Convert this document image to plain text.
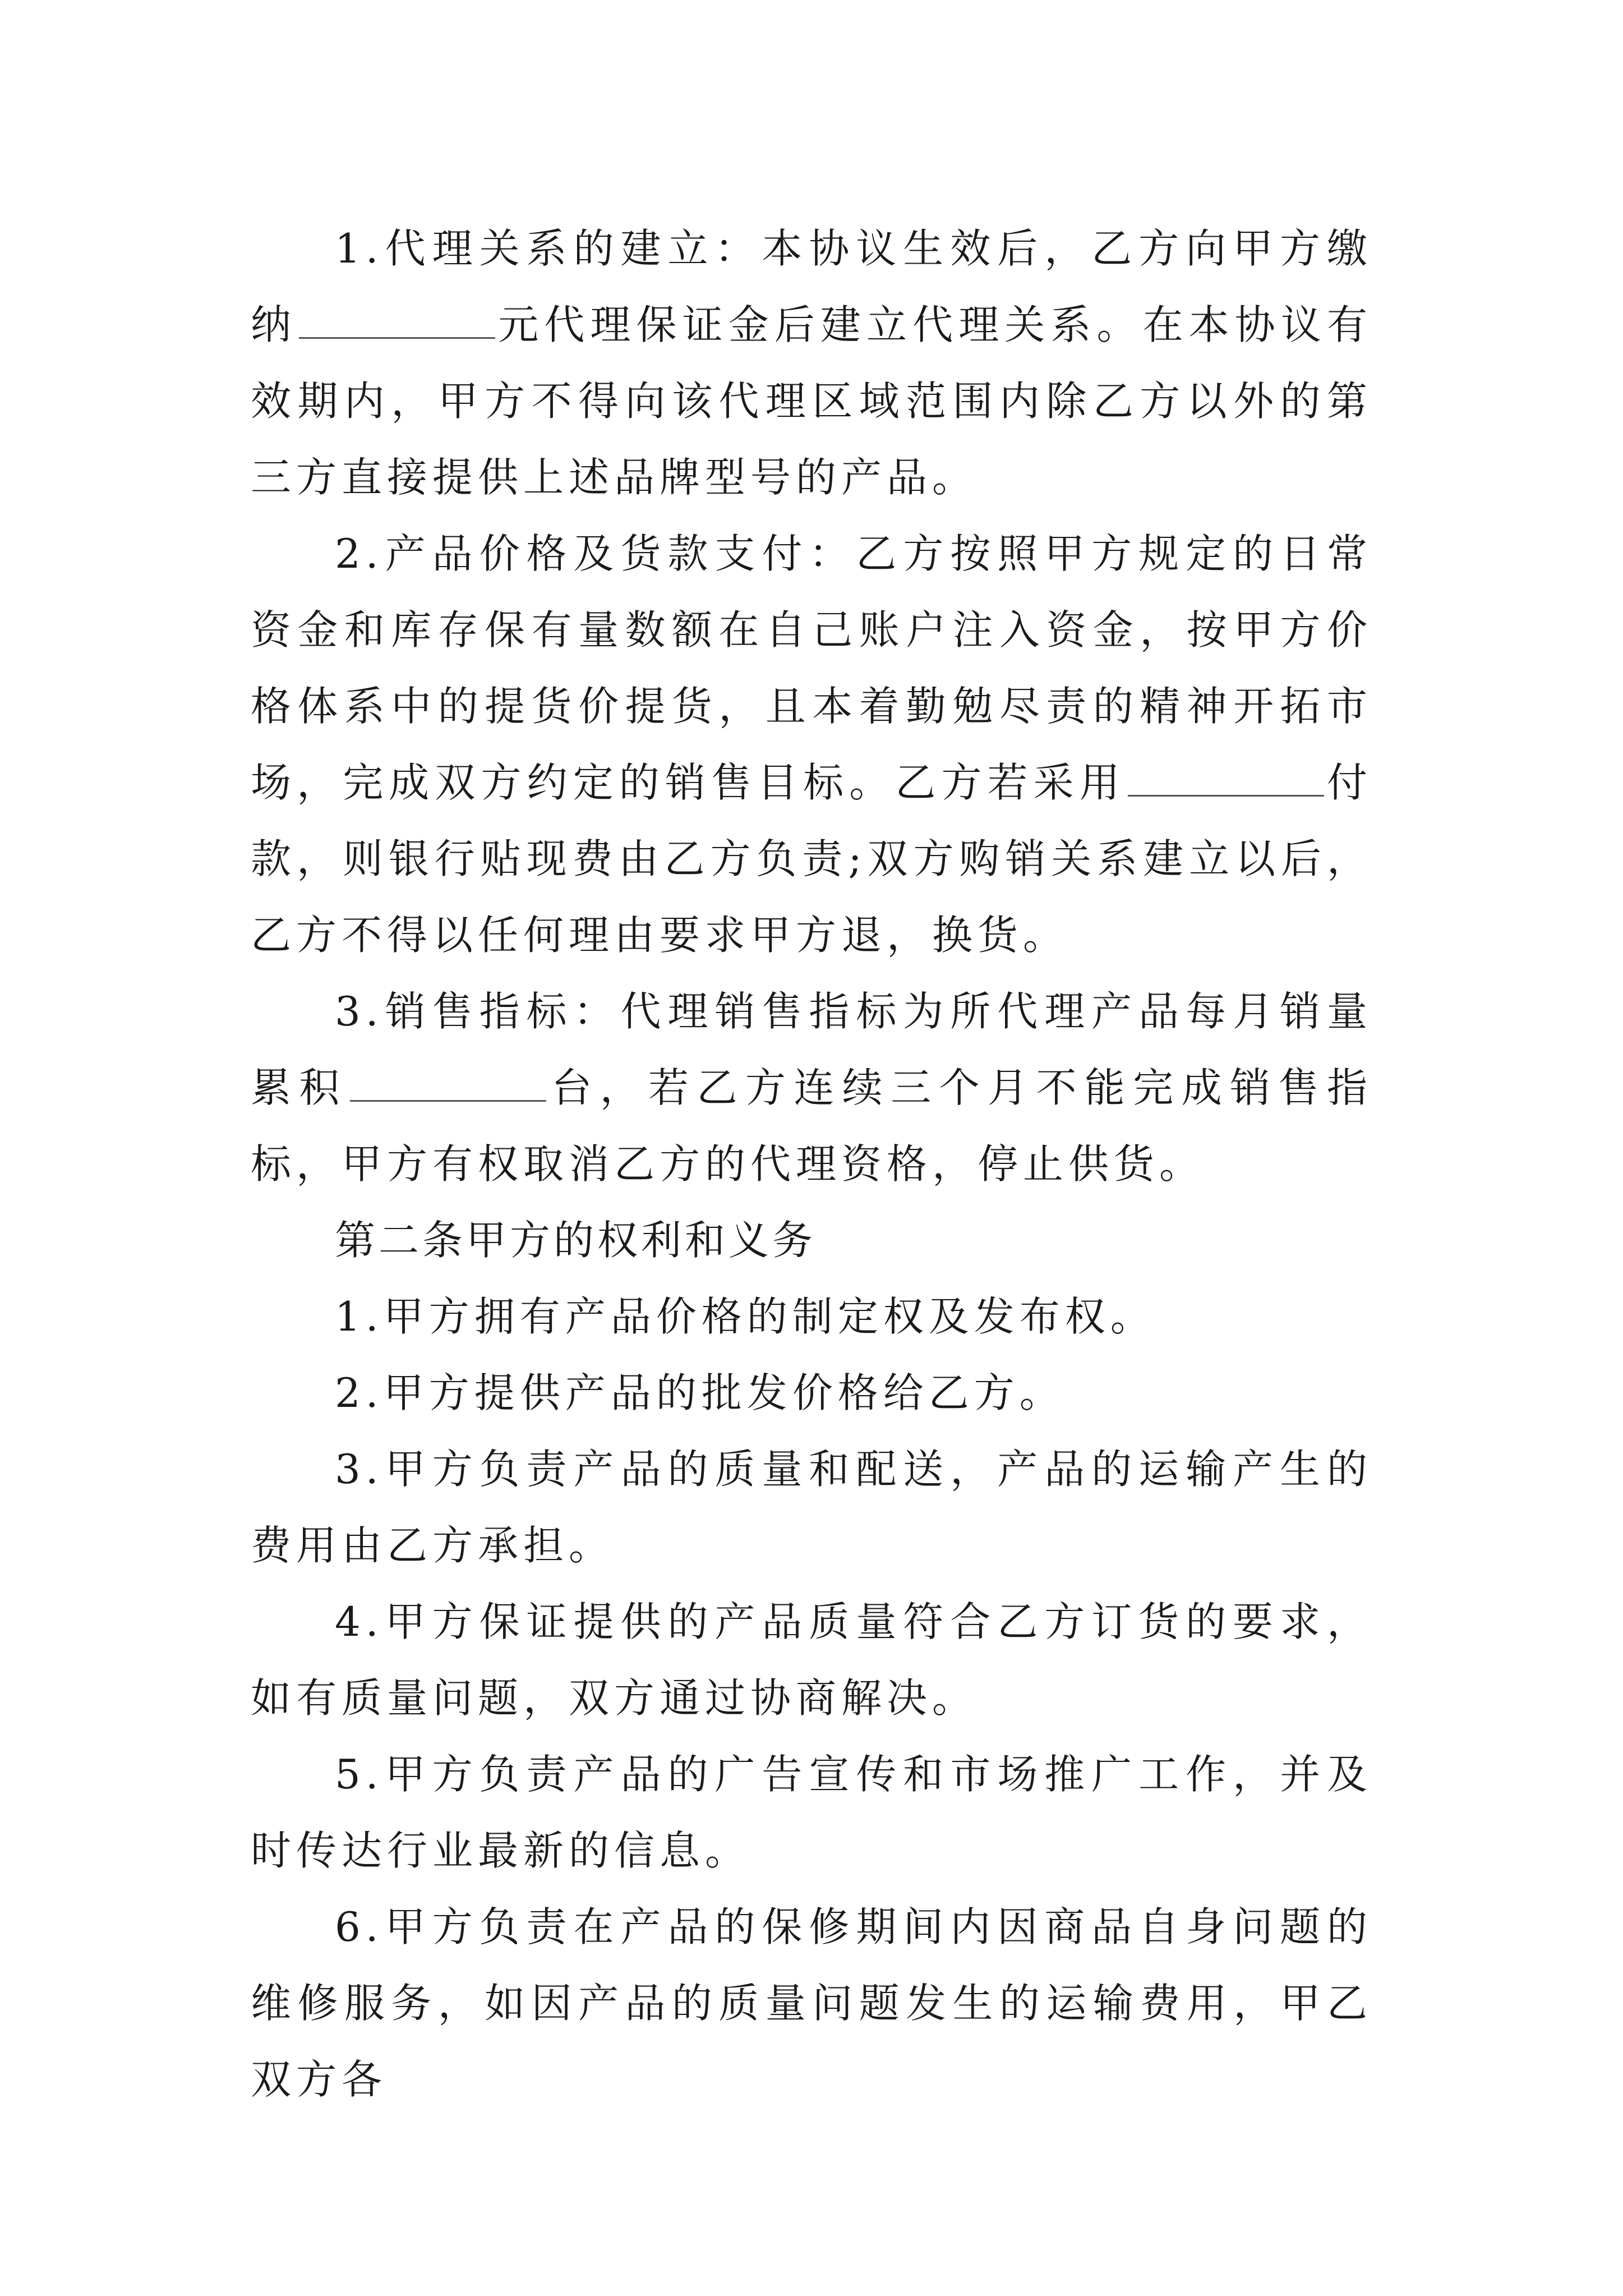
1.代理关系的建立：本协议生效后，乙方向甲方缴纳	元代理保证金后建立代理关系。在本协议有效期内，甲方不得向该代理区域范围内除乙方以外的第三方直接提供上述品牌型号的产品。

2.产品价格及货款支付：乙方按照甲方规定的日常资金和库存保有量数额在自己账户注入资金，按甲方价格体系中的提货价提货，且本着勤勉尽责的精神开拓市场，完成双方约定的销售目标。乙方若采用	付款，则银行贴现费由乙方负责;双方购销关系建立以后，乙方不得以任何理由要求甲方退，换货。

3.销售指标：代理销售指标为所代理产品每月销量累积	台，若乙方连续三个月不能完成销售指标，甲方有权取消乙方的代理资格，停止供货。

第二条甲方的权利和义务

1.甲方拥有产品价格的制定权及发布权。

2.甲方提供产品的批发价格给乙方。

3.甲方负责产品的质量和配送，产品的运输产生的费用由乙方承担。

4.甲方保证提供的产品质量符合乙方订货的要求，如有质量问题，双方通过协商解决。

5.甲方负责产品的广告宣传和市场推广工作，并及时传达行业最新的信息。

6.甲方负责在产品的保修期间内因商品自身问题的维修服务，如因产品的质量问题发生的运输费用，甲乙双方各
